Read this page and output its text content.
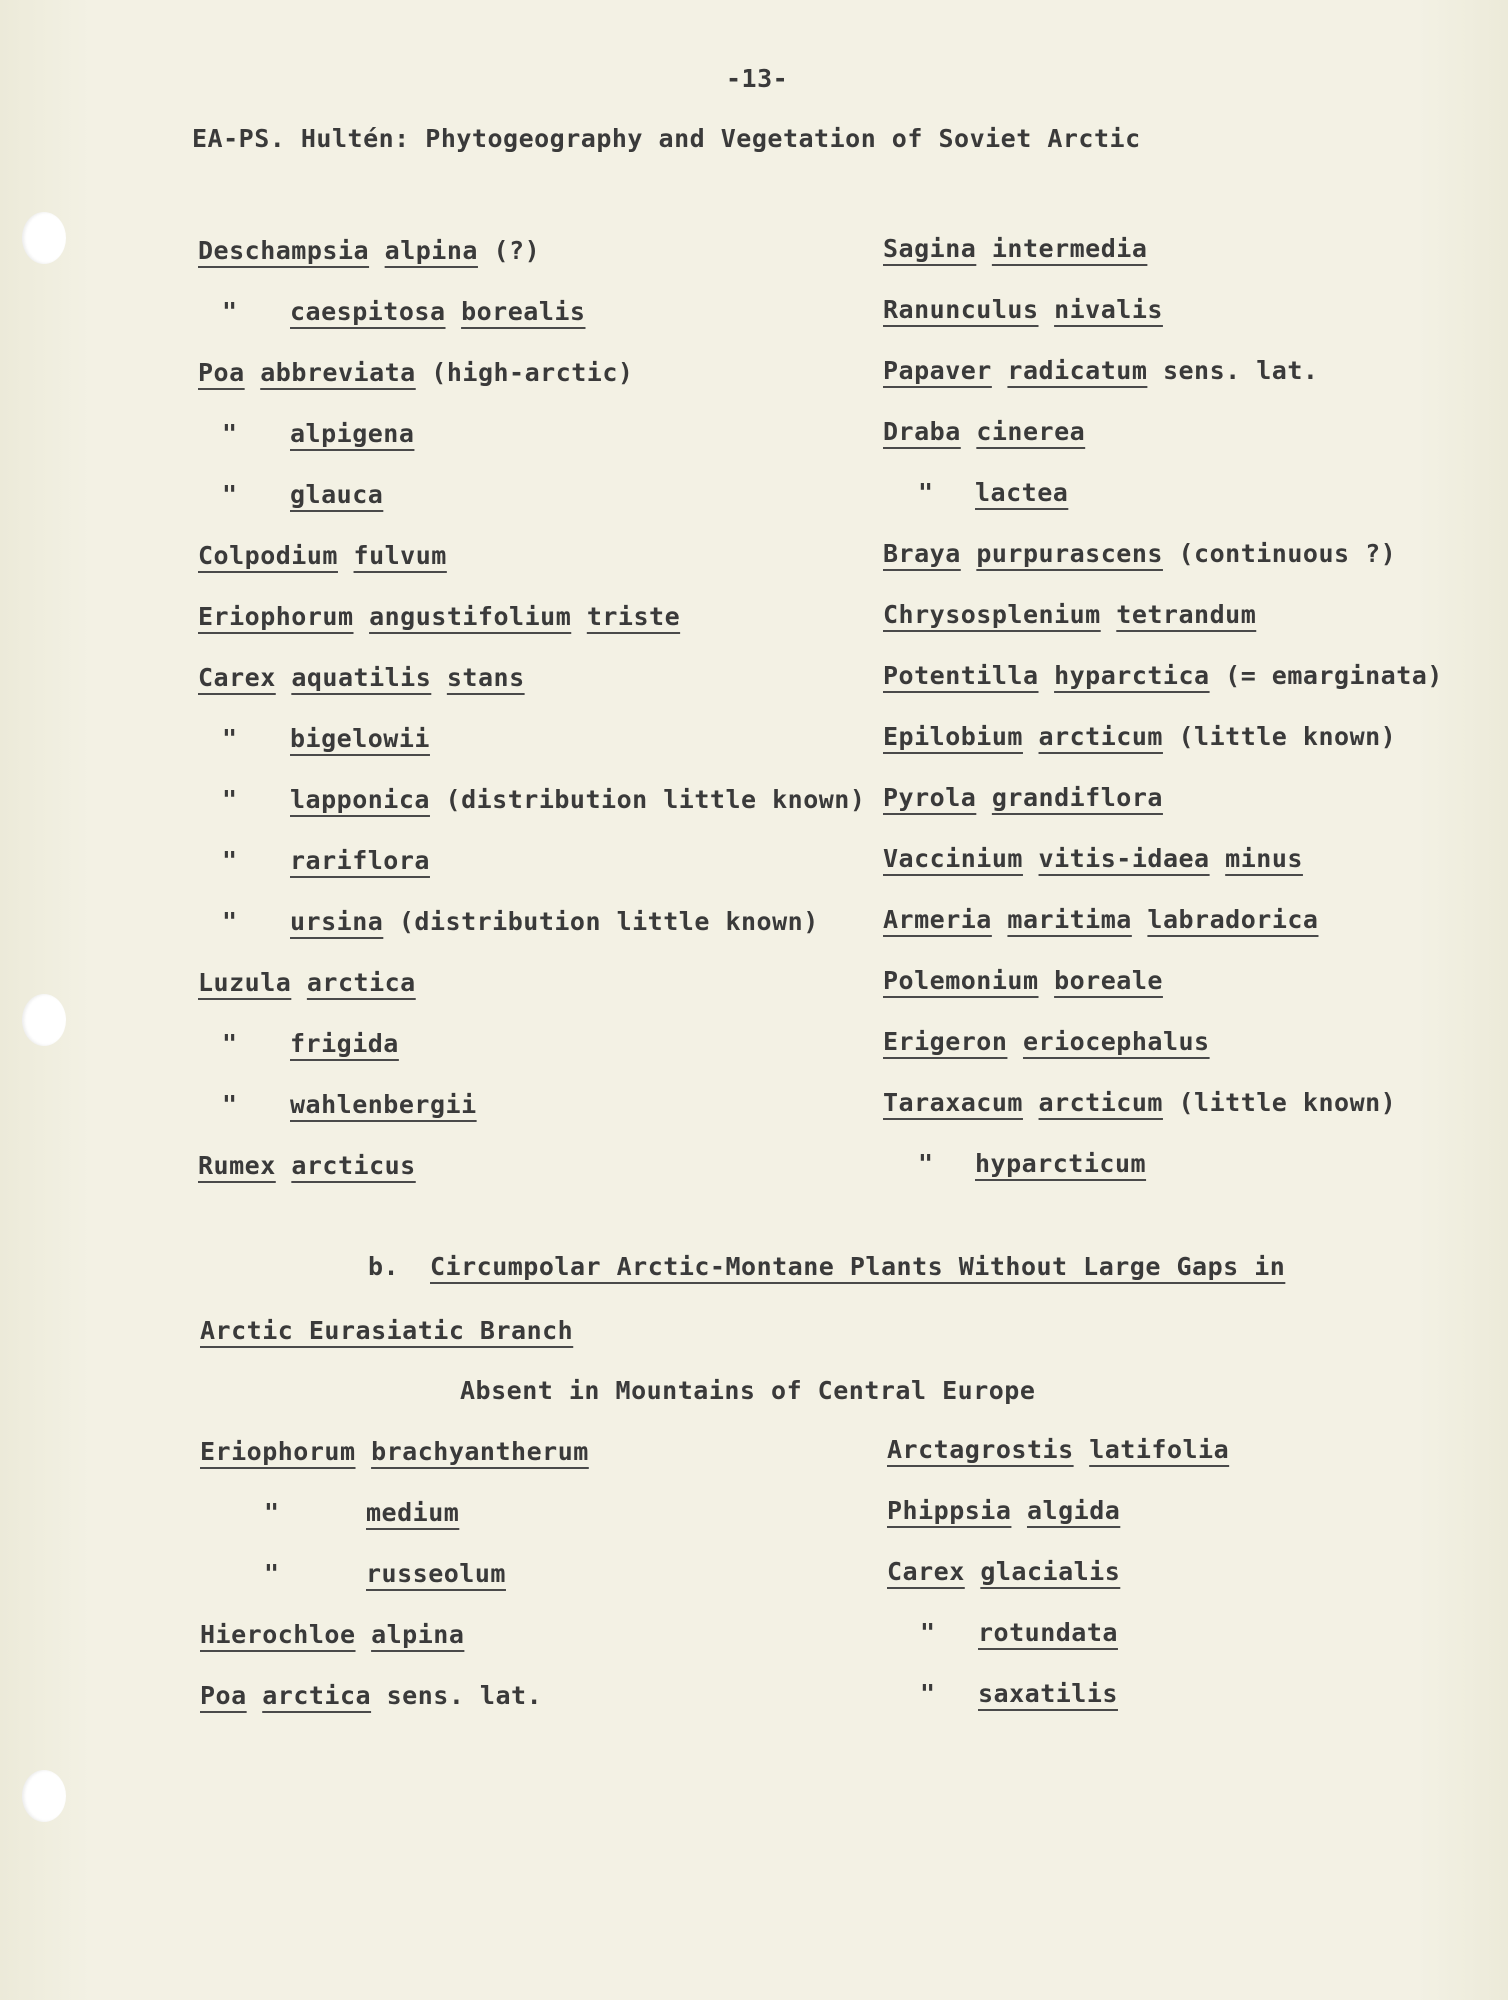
-13-
EA-PS. Hultén: Phytogeography and Vegetation of Soviet Arctic
Deschampsia alpina (?)
" caespitosa borealis
Poa abbreviata (high-arctic)
" alpigena
" glauca
Colpodium fulvum
Eriophorum angustifolium triste
Carex aquatilis stans
" bigelowii
" lapponica (distribution little known)
" rariflora
" ursina (distribution little known)
Luzula arctica
" frigida
" wahlenbergii
Rumex arcticus
Sagina intermedia
Ranunculus nivalis
Papaver radicatum sens. lat.
Draba cinerea
" lactea
Braya purpurascens (continuous ?)
Chrysosplenium tetrandum
Potentilla hyparctica (= emarginata)
Epilobium arcticum (little known)
Pyrola grandiflora
Vaccinium vitis-idaea minus
Armeria maritima labradorica
Polemonium boreale
Erigeron eriocephalus
Taraxacum arcticum (little known)
" hyparcticum
b. Circumpolar Arctic-Montane Plants Without Large Gaps in
Arctic Eurasiatic Branch
Absent in Mountains of Central Europe
Eriophorum brachyantherum
"	medium
"	russeolum
Hierochloe alpina
Poa arctica sens. lat.
Arctagrostis latifolia
Phippsia algida
Carex glacialis
" rotundata
" saxatilis
